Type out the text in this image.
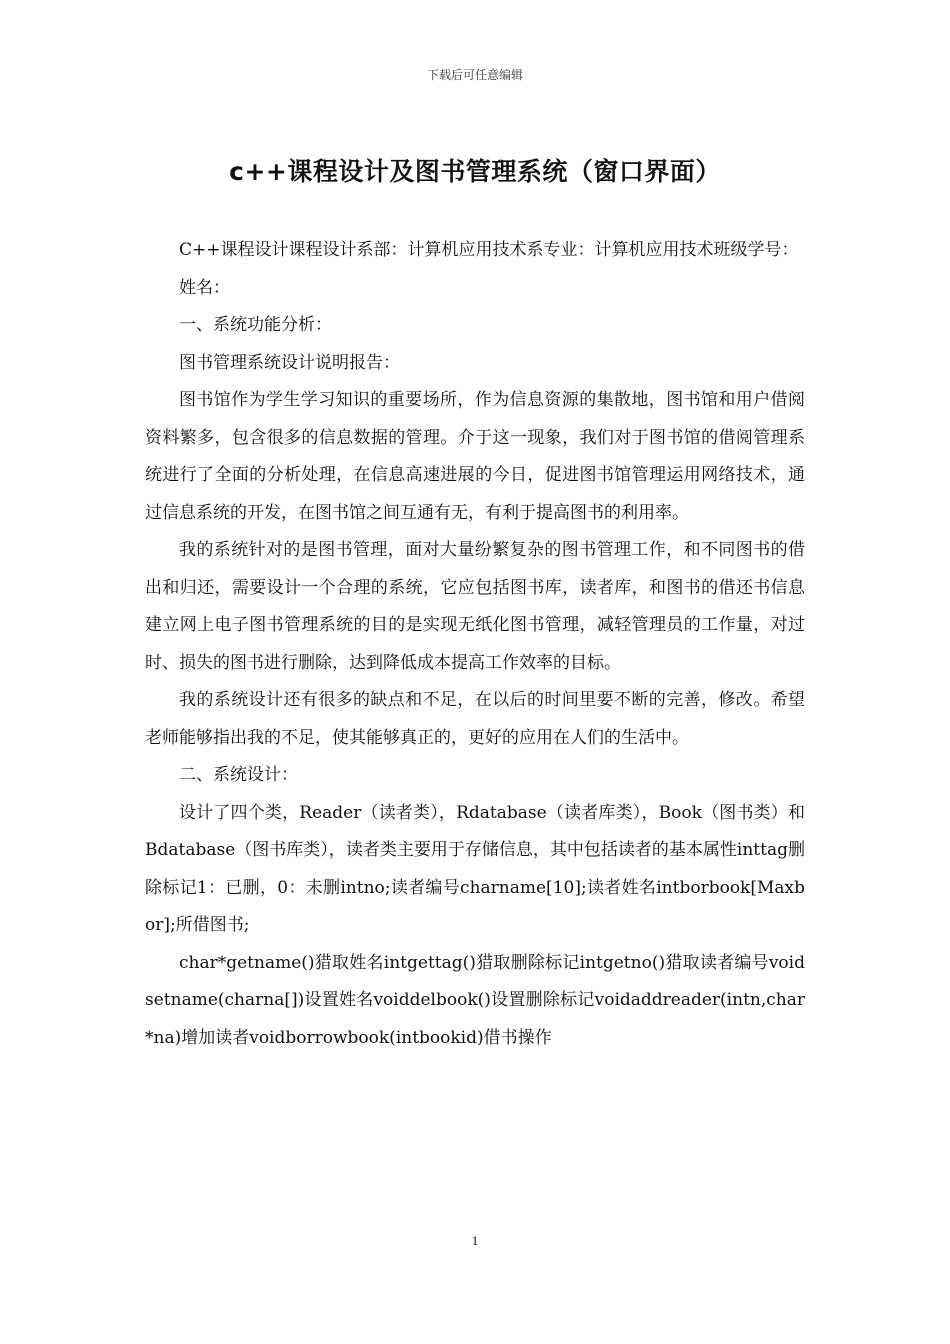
下载后可任意编辑
c++课程设计及图书管理系统（窗口界面）

C++课程设计课程设计系部：计算机应用技术系专业：计算机应用技术班级学号：

姓名：

一、系统功能分析：

图书管理系统设计说明报告：

图书馆作为学生学习知识的重要场所，作为信息资源的集散地，图书馆和用户借阅资料繁多，包含很多的信息数据的管理。介于这一现象，我们对于图书馆的借阅管理系统进行了全面的分析处理，在信息高速进展的今日，促进图书馆管理运用网络技术，通过信息系统的开发，在图书馆之间互通有无，有利于提高图书的利用率。

我的系统针对的是图书管理，面对大量纷繁复杂的图书管理工作，和不同图书的借出和归还，需要设计一个合理的系统，它应包括图书库，读者库，和图书的借还书信息建立网上电子图书管理系统的目的是实现无纸化图书管理，减轻管理员的工作量，对过时、损失的图书进行删除，达到降低成本提高工作效率的目标。

我的系统设计还有很多的缺点和不足，在以后的时间里要不断的完善，修改。希望老师能够指出我的不足，使其能够真正的，更好的应用在人们的生活中。

二、系统设计：

设计了四个类，Reader（读者类），Rdatabase（读者库类），Book（图书类）和Bdatabase（图书库类），读者类主要用于存储信息，其中包括读者的基本属性inttag删除标记1：已删，0：未删intno;读者编号charname[10];读者姓名intborbook[Maxbor];所借图书;

char*getname()猎取姓名intgettag()猎取删除标记intgetno()猎取读者编号voidsetname(charna[])设置姓名voiddelbook()设置删除标记voidaddreader(intn,char*na)增加读者voidborrowbook(intbookid)借书操作

1
